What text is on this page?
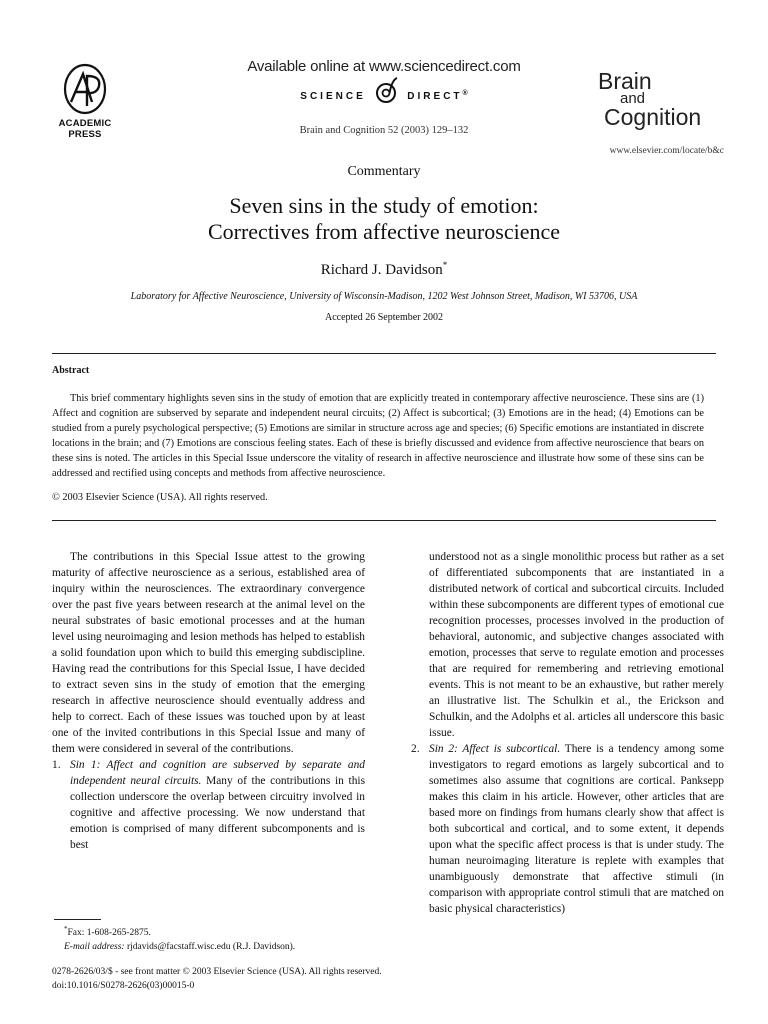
ACADEMIC
PRESS
Available online at www.sciencedirect.com
SCIENCE	DIRECT®
Brain and Cognition 52 (2003) 129–132
Brain
and
Cognition
www.elsevier.com/locate/b&c
Commentary
Seven sins in the study of emotion:
Correctives from affective neuroscience
Richard J. Davidson*
Laboratory for Affective Neuroscience, University of Wisconsin-Madison, 1202 West Johnson Street, Madison, WI 53706, USA
Accepted 26 September 2002
Abstract

This brief commentary highlights seven sins in the study of emotion that are explicitly treated in contemporary affective neuroscience. These sins are (1) Affect and cognition are subserved by separate and independent neural circuits; (2) Affect is subcortical; (3) Emotions are in the head; (4) Emotions can be studied from a purely psychological perspective; (5) Emotions are similar in structure across age and species; (6) Specific emotions are instantiated in discrete locations in the brain; and (7) Emotions are conscious feeling states. Each of these is briefly discussed and evidence from affective neuroscience that bears on these sins is noted. The articles in this Special Issue underscore the vitality of research in affective neuroscience and illustrate how some of these sins can be addressed and rectified using concepts and methods from affective neuroscience.

© 2003 Elsevier Science (USA). All rights reserved.

The contributions in this Special Issue attest to the growing maturity of affective neuroscience as a serious, established area of inquiry within the neurosciences. The extraordinary convergence over the past five years between research at the animal level on the neural substrates of basic emotional processes and at the human level using neuroimaging and lesion methods has helped to establish a solid foundation upon which to build this emerging subdiscipline. Having read the contributions for this Special Issue, I have decided to extract seven sins in the study of emotion that the emerging research in affective neuroscience should eventually address and help to correct. Each of these issues was touched upon by at least one of the invited contributions in this Special Issue and many of them were considered in several of the contributions.

1. Sin 1: Affect and cognition are subserved by separate and independent neural circuits. Many of the contributions in this collection underscore the overlap between circuitry involved in cognitive and affective processing. We now understand that emotion is comprised of many different subcomponents and is best
understood not as a single monolithic process but rather as a set of differentiated subcomponents that are instantiated in a distributed network of cortical and subcortical circuits. Included within these subcomponents are different types of emotional cue recognition processes, processes involved in the production of behavioral, autonomic, and subjective changes associated with emotion, processes that serve to regulate emotion and processes that are required for remembering and retrieving emotional events. This is not meant to be an exhaustive, but rather merely an illustrative list. The Schulkin et al., the Erickson and Schulkin, and the Adolphs et al. articles all underscore this basic issue.
2. Sin 2: Affect is subcortical. There is a tendency among some investigators to regard emotions as largely subcortical and to sometimes also assume that cognitions are cortical. Panksepp makes this claim in his article. However, other articles that are based more on findings from humans clearly show that affect is both subcortical and cortical, and to some extent, it depends upon what the specific affect process is that is under study. The human neuroimaging literature is replete with examples that unambiguously demonstrate that affective stimuli (in comparison with appropriate control stimuli that are matched on basic physical characteristics)
*Fax: 1-608-265-2875.
E-mail address: rjdavids@facstaff.wisc.edu (R.J. Davidson).
0278-2626/03/$ - see front matter © 2003 Elsevier Science (USA). All rights reserved.
doi:10.1016/S0278-2626(03)00015-0
